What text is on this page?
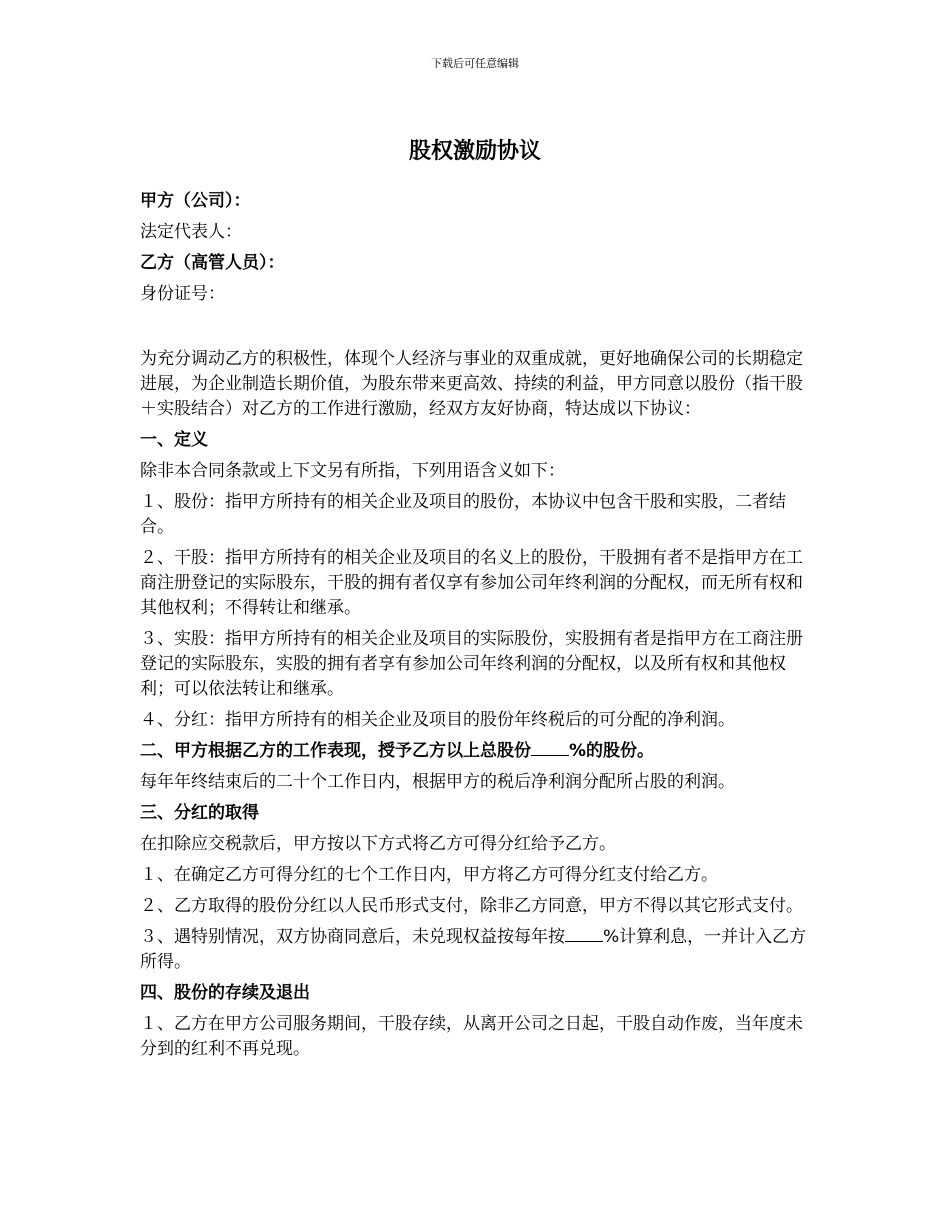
下载后可任意编辑
股权激励协议
甲方（公司）：
法定代表人：
乙方（高管人员）：
身份证号：
为充分调动乙方的积极性，体现个人经济与事业的双重成就，更好地确保公司的长期稳定进展，为企业制造长期价值，为股东带来更高效、持续的利益，甲方同意以股份（指干股＋实股结合）对乙方的工作进行激励，经双方友好协商，特达成以下协议：
一、定义
除非本合同条款或上下文另有所指，下列用语含义如下：
１、股份：指甲方所持有的相关企业及项目的股份，本协议中包含干股和实股，二者结合。
２、干股：指甲方所持有的相关企业及项目的名义上的股份，干股拥有者不是指甲方在工商注册登记的实际股东，干股的拥有者仅享有参加公司年终利润的分配权，而无所有权和其他权利；不得转让和继承。
３、实股：指甲方所持有的相关企业及项目的实际股份，实股拥有者是指甲方在工商注册登记的实际股东，实股的拥有者享有参加公司年终利润的分配权，以及所有权和其他权利；可以依法转让和继承。
４、分红：指甲方所持有的相关企业及项目的股份年终税后的可分配的净利润。
二、甲方根据乙方的工作表现，授予乙方以上总股份 %的股份。
每年年终结束后的二十个工作日内，根据甲方的税后净利润分配所占股的利润。
三、分红的取得
在扣除应交税款后，甲方按以下方式将乙方可得分红给予乙方。
１、在确定乙方可得分红的七个工作日内，甲方将乙方可得分红支付给乙方。
２、乙方取得的股份分红以人民币形式支付，除非乙方同意，甲方不得以其它形式支付。
３、遇特别情况，双方协商同意后，未兑现权益按每年按 %计算利息，一并计入乙方所得。
四、股份的存续及退出
１、乙方在甲方公司服务期间，干股存续，从离开公司之日起，干股自动作废，当年度未分到的红利不再兑现。
